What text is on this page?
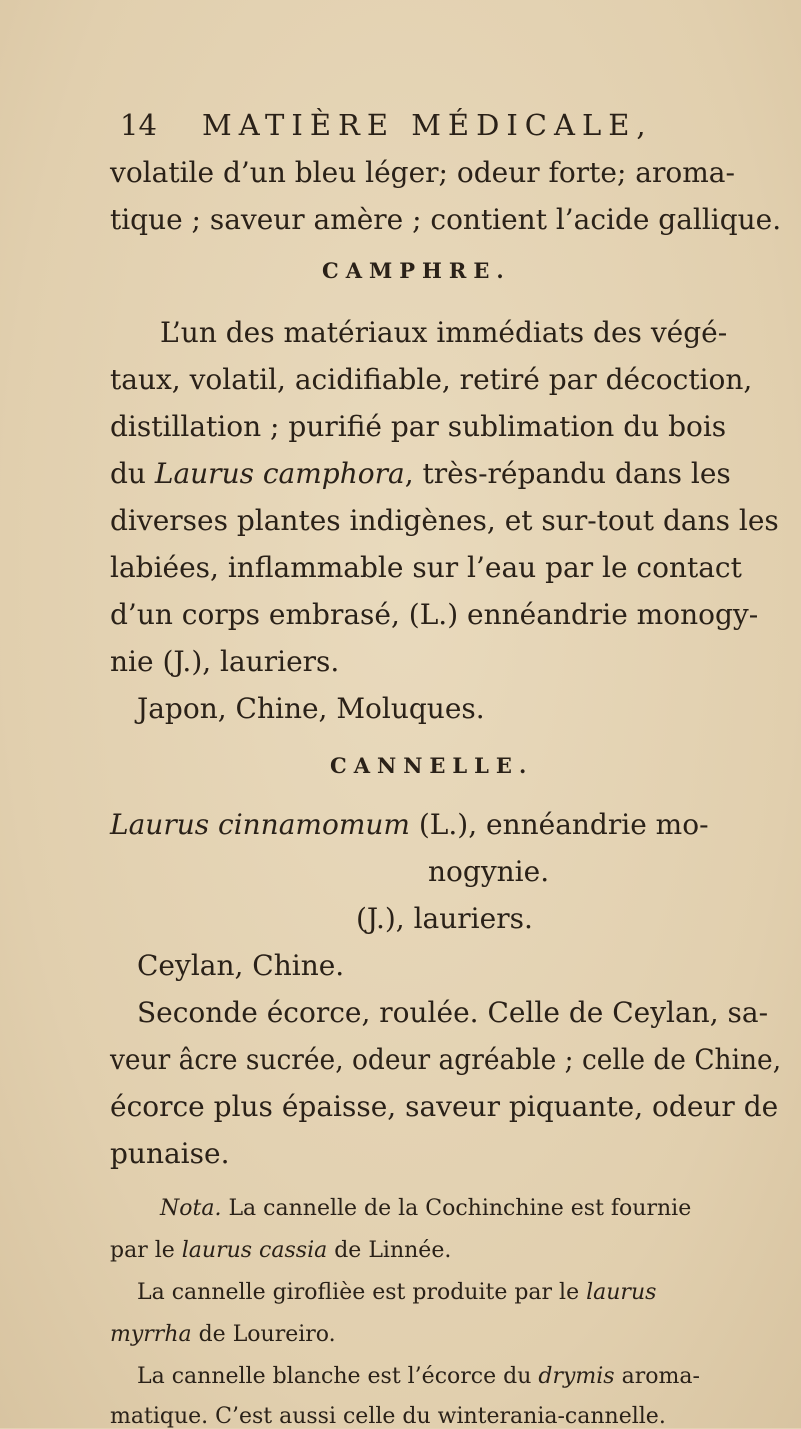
14 MATIÈRE MÉDICALE,
volatile d’un bleu léger; odeur forte; aroma-
tique ; saveur amère ; contient l’acide gallique.
CAMPHRE.
L’un des matériaux immédiats des végé-
taux, volatil, acidifiable, retiré par décoction,
distillation ; purifié par sublimation du bois
du Laurus camphora, très-répandu dans les
diverses plantes indigènes, et sur-tout dans les
labiées, inflammable sur l’eau par le contact
d’un corps embrasé, (L.) ennéandrie monogy-
nie (J.), lauriers.
Japon, Chine, Moluques.
CANNELLE.
Laurus cinnamomum (L.), ennéandrie mo-
nogynie.
(J.), lauriers.
Ceylan, Chine.
Seconde écorce, roulée. Celle de Ceylan, sa-
veur âcre sucrée, odeur agréable ; celle de Chine,
écorce plus épaisse, saveur piquante, odeur de
punaise.
Nota. La cannelle de la Cochinchine est fournie
par le laurus cassia de Linnée.
La cannelle giroflièe est produite par le laurus
myrrha de Loureiro.
La cannelle blanche est l’écorce du drymis aroma-
matique. C’est aussi celle du winterania-cannelle.
